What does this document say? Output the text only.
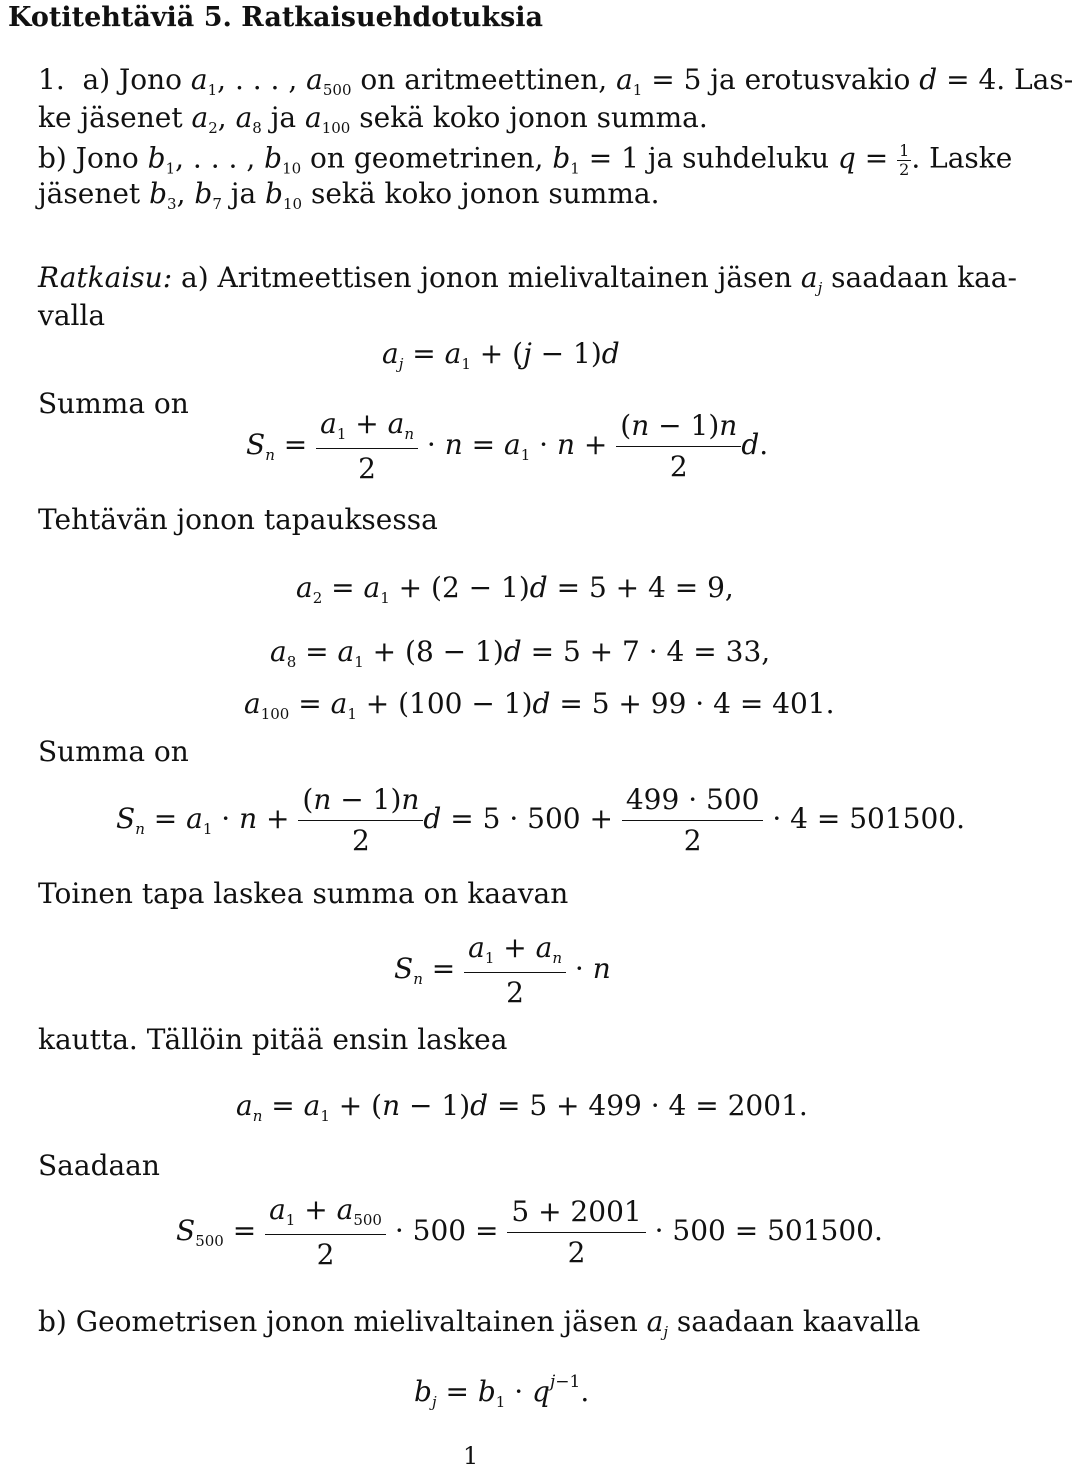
Kotitehtäviä 5. Ratkaisuehdotuksia
1.  a) Jono $a_1$, . . . , $a_{500}$ on aritmeettinen, $a_1 = 5$ ja erotusvakio d = 4. Las-
ke jäsenet $a_2$, $a_8$ ja $a_{100}$ sekä koko jonon summa.
b) Jono $b_1$, . . . , $b_{10}$ on geometrinen, $b_1 = 1$ ja suhdeluku $q = \frac{1}{2}$ . Laske
jäsenet $b_3$, $b_7$ ja $b_{10}$ sekä koko jonon summa.
Ratkaisu: a) Aritmeettisen jonon mielivaltainen jäsen $a_j$ saadaan kaa-
valla
$a_j = a_1 + (j - 1)d$
Summa on
$S_n = \frac{a_1 + a_n}{2} \cdot n = a_1 \cdot n + \frac{(n - 1)n}{2} d$.
Tehtävän jonon tapauksessa
$a_2 = a_1 + (2 - 1)d = 5 + 4 = 9$,
$a_8 = a_1 + (8 - 1)d = 5 + 7 \cdot 4 = 33$,
$a_{100} = a_1 + (100 - 1)d = 5 + 99 \cdot 4 = 401$.
Summa on
$S_n = a_1 \cdot n + \frac{(n - 1)n}{2}$ $d = 5 \cdot 500 + \frac{499 \cdot 500}{2} \cdot 4 = 501500$.
Toinen tapa laskea summa on kaavan
$S_n = \frac{a_1 + a_n}{2} \cdot n$
kautta. Tällöin pitää ensin laskea
$a_n = a_1 + (n - 1)d = 5 + 499 \cdot 4 = 2001$.
Saadaan
$S_{500} = \frac{a_1 + a_{500}}{2} \cdot 500 = \frac{5 + 2001}{2} \cdot 500 = 501500$.
b) Geometrisen jonon mielivaltainen jäsen $a_j$ saadaan kaavalla
$b_j = b_1 \cdot q^{j-1}$.
1
